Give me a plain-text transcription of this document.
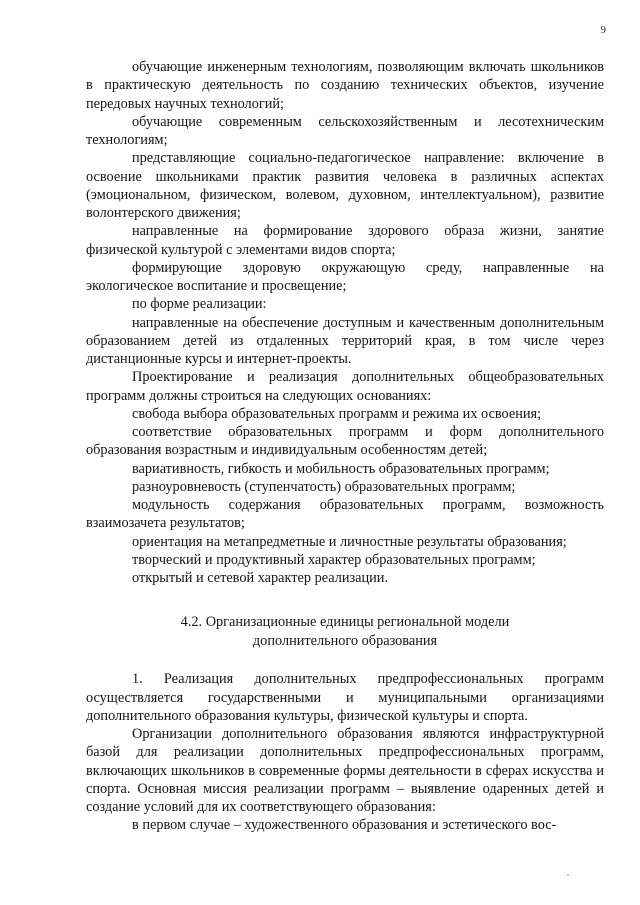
9

обучающие инженерным технологиям, позволяющим включать школьников в практическую деятельность по созданию технических объектов, изучение передовых научных технологий;

обучающие современным сельскохозяйственным и лесотехническим технологиям;

представляющие социально-педагогическое направление: включение в освоение школьниками практик развития человека в различных аспектах (эмоциональном, физическом, волевом, духовном, интеллектуальном), развитие волонтерского движения;

направленные на формирование здорового образа жизни, занятие физической культурой с элементами видов спорта;

формирующие здоровую окружающую среду, направленные на экологическое воспитание и просвещение;

по форме реализации:

направленные на обеспечение доступным и качественным дополнительным образованием детей из отдаленных территорий края, в том числе через дистанционные курсы и интернет-проекты.

Проектирование и реализация дополнительных общеобразовательных программ должны строиться на следующих основаниях:

свобода выбора образовательных программ и режима их освоения;

соответствие образовательных программ и форм дополнительного образования возрастным и индивидуальным особенностям детей;

вариативность, гибкость и мобильность образовательных программ;

разноуровневость (ступенчатость) образовательных программ;

модульность содержания образовательных программ, возможность взаимозачета результатов;

ориентация на метапредметные и личностные результаты образования;

творческий и продуктивный характер образовательных программ;

открытый и сетевой характер реализации.

4.2. Организационные единицы региональной модели
дополнительного образования

1. Реализация дополнительных предпрофессиональных программ осуществляется государственными и муниципальными организациями дополнительного образования культуры, физической культуры и спорта.

Организации дополнительного образования являются инфраструктурной базой для реализации дополнительных предпрофессиональных программ, включающих школьников в современные формы деятельности в сферах искусства и спорта. Основная миссия реализации программ – выявление одаренных детей и создание условий для их соответствующего образования:

в первом случае – художественного образования и эстетического вос-
